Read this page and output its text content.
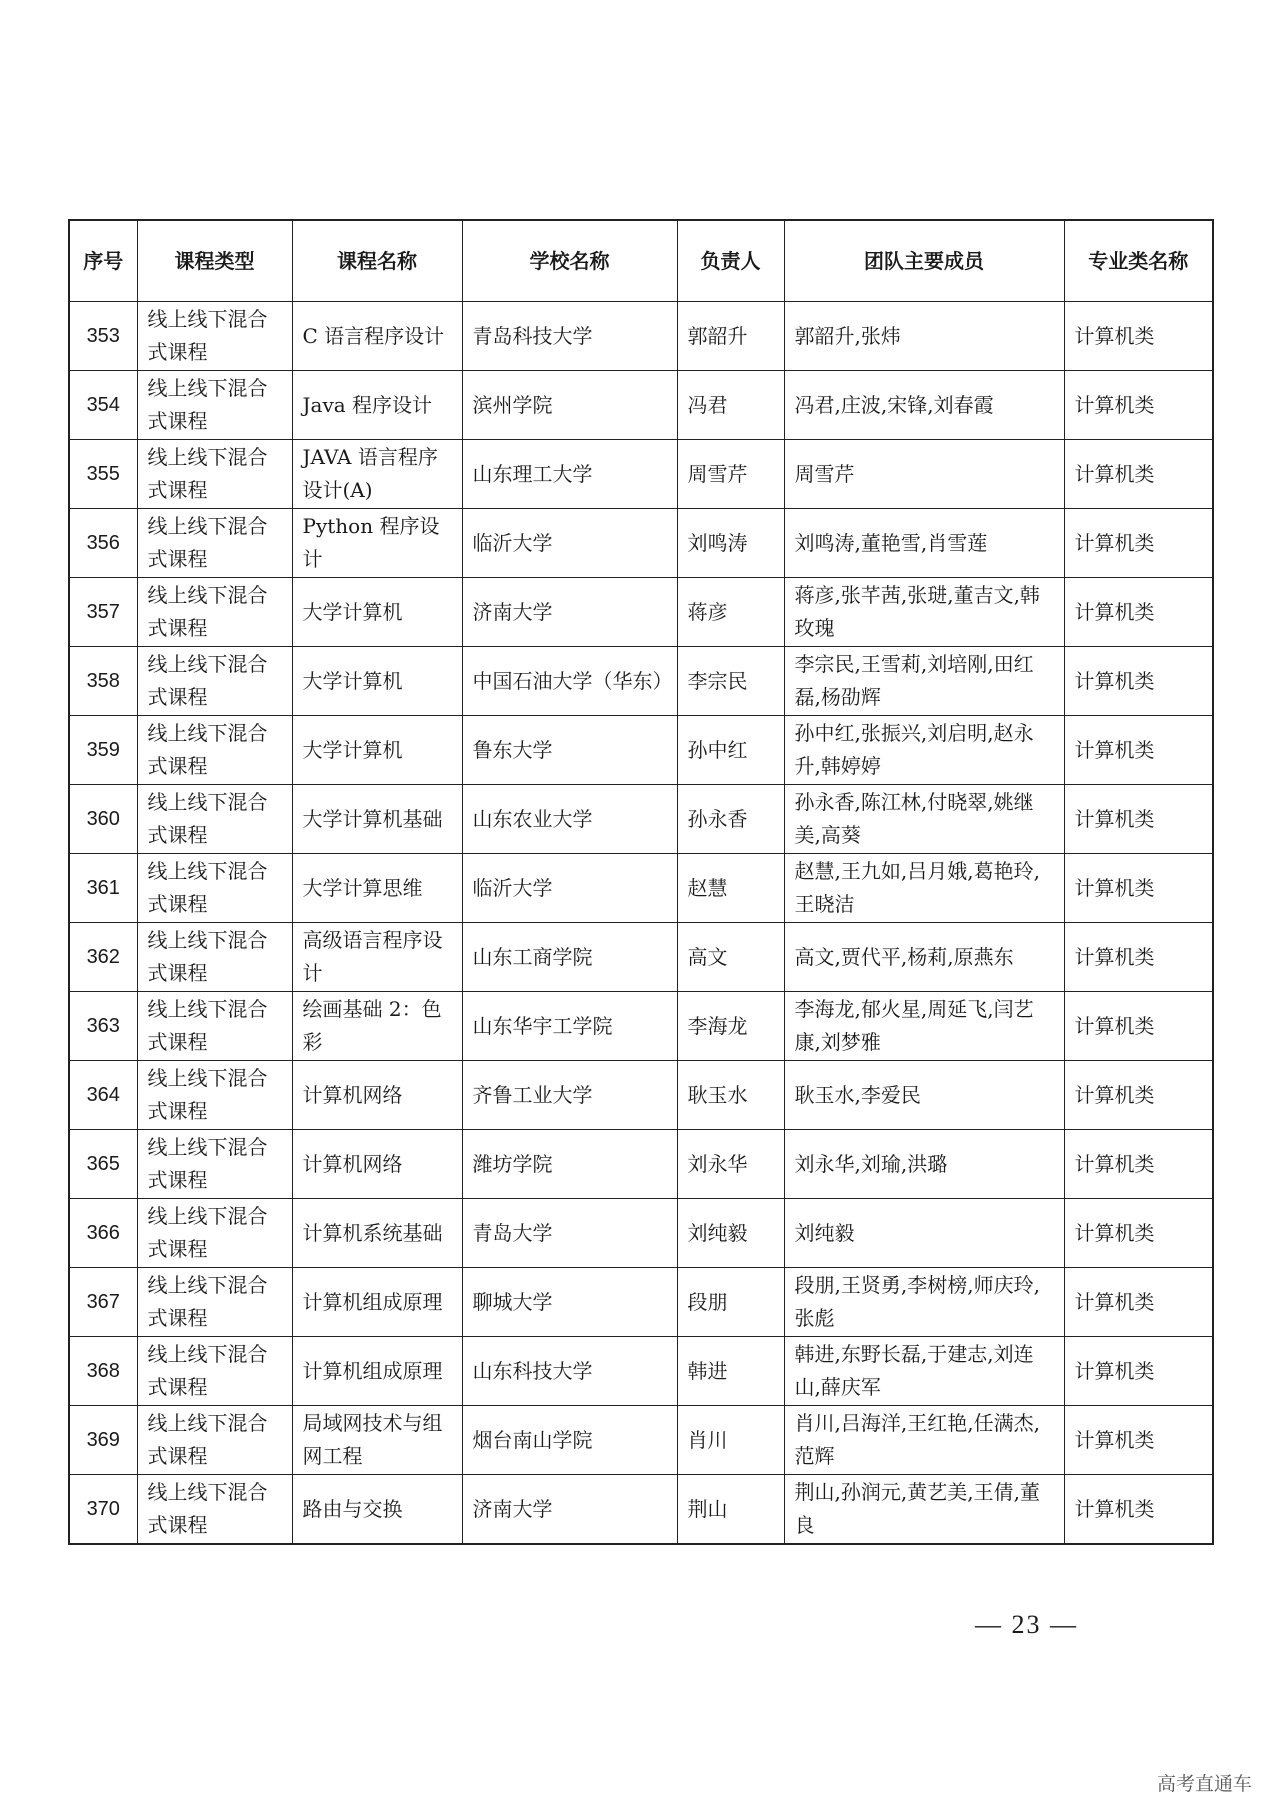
序号	课程类型	课程名称	学校名称	负责人	团队主要成员	专业类名称
353	线上线下混合式课程	C 语言程序设计	青岛科技大学	郭韶升	郭韶升,张炜	计算机类
354	线上线下混合式课程	Java 程序设计	滨州学院	冯君	冯君,庄波,宋锋,刘春霞	计算机类
355	线上线下混合式课程	JAVA 语言程序设计(A)	山东理工大学	周雪芹	周雪芹	计算机类
356	线上线下混合式课程	Python 程序设计	临沂大学	刘鸣涛	刘鸣涛,董艳雪,肖雪莲	计算机类
357	线上线下混合式课程	大学计算机	济南大学	蒋彦	蒋彦,张芊茜,张琎,董吉文,韩玫瑰	计算机类
358	线上线下混合式课程	大学计算机	中国石油大学（华东）	李宗民	李宗民,王雪莉,刘培刚,田红磊,杨劭辉	计算机类
359	线上线下混合式课程	大学计算机	鲁东大学	孙中红	孙中红,张振兴,刘启明,赵永升,韩婷婷	计算机类
360	线上线下混合式课程	大学计算机基础	山东农业大学	孙永香	孙永香,陈江林,付晓翠,姚继美,高葵	计算机类
361	线上线下混合式课程	大学计算思维	临沂大学	赵慧	赵慧,王九如,吕月娥,葛艳玲,王晓洁	计算机类
362	线上线下混合式课程	高级语言程序设计	山东工商学院	高文	高文,贾代平,杨莉,原燕东	计算机类
363	线上线下混合式课程	绘画基础 2：色彩	山东华宇工学院	李海龙	李海龙,郁火星,周延飞,闫艺康,刘梦雅	计算机类
364	线上线下混合式课程	计算机网络	齐鲁工业大学	耿玉水	耿玉水,李爱民	计算机类
365	线上线下混合式课程	计算机网络	潍坊学院	刘永华	刘永华,刘瑜,洪璐	计算机类
366	线上线下混合式课程	计算机系统基础	青岛大学	刘纯毅	刘纯毅	计算机类
367	线上线下混合式课程	计算机组成原理	聊城大学	段朋	段朋,王贤勇,李树榜,师庆玲,张彪	计算机类
368	线上线下混合式课程	计算机组成原理	山东科技大学	韩进	韩进,东野长磊,于建志,刘连山,薛庆军	计算机类
369	线上线下混合式课程	局域网技术与组网工程	烟台南山学院	肖川	肖川,吕海洋,王红艳,任满杰,范辉	计算机类
370	线上线下混合式课程	路由与交换	济南大学	荆山	荆山,孙润元,黄艺美,王倩,董良	计算机类
— 23 —
高考直通车
